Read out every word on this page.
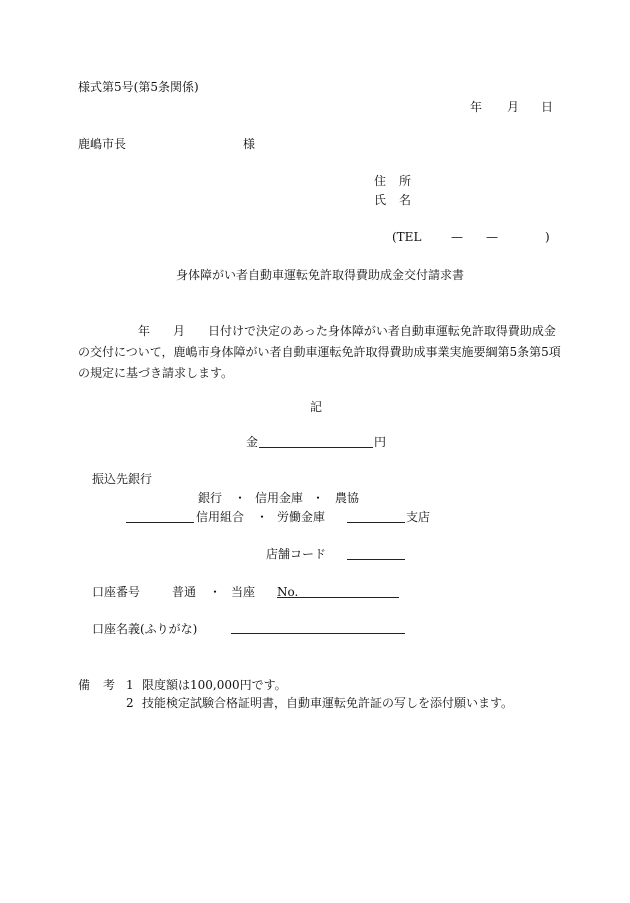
様式第5号(第5条関係)
年 月 日
鹿嶋市長	様
住 所
氏 名
(TEL — —	)
身体障がい者自動車運転免許取得費助成金交付請求書
年 月 日付けで決定のあった身体障がい者自動車運転免許取得費助成金
の交付について，鹿嶋市身体障がい者自動車運転免許取得費助成事業実施要綱第5条第5項
の規定に基づき請求します。
記
金	円
振込先銀行
銀行 ・ 信用金庫 ・ 農協
信用組合 ・ 労働金庫	支店
店舗コード
口座番号	普通 ・ 当座 No.
口座名義(ふりがな)
備 考 1 限度額は100,000円です。
2 技能検定試験合格証明書，自動車運転免許証の写しを添付願います。
